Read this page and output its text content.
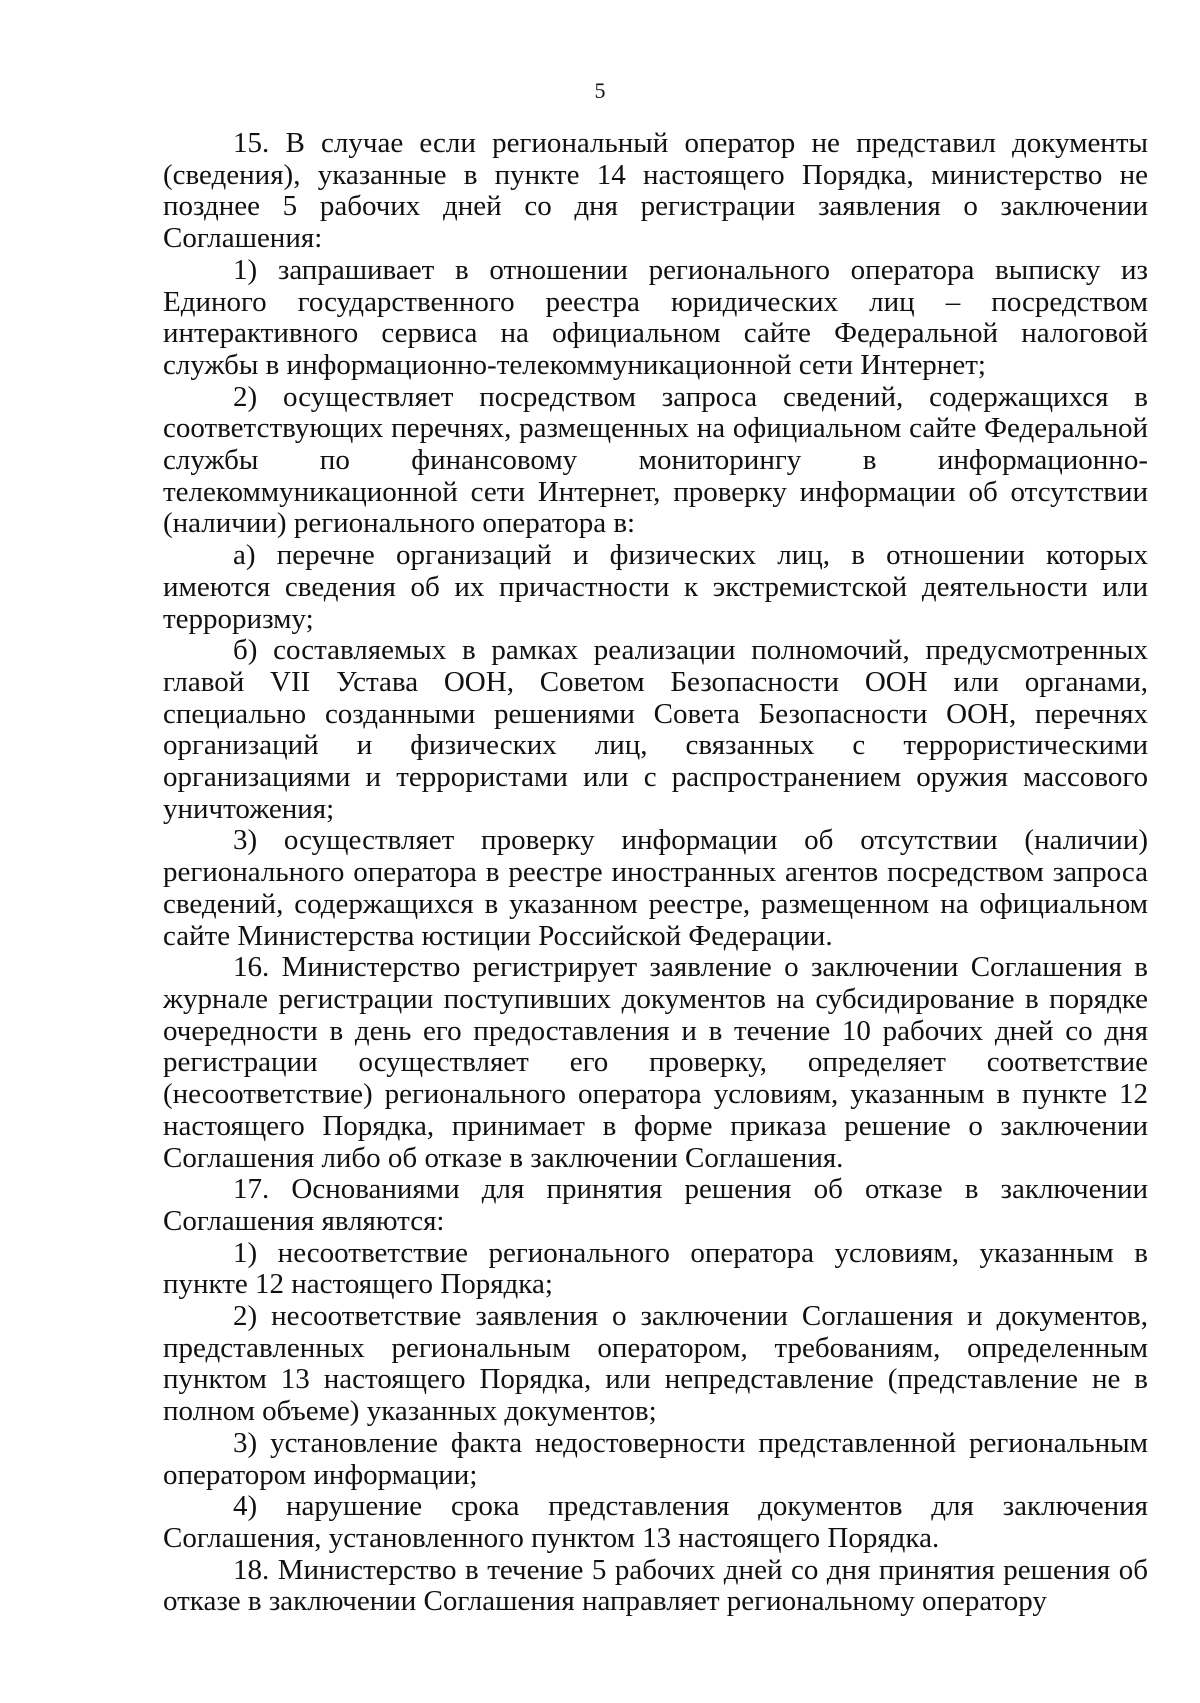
5

15. В случае если региональный оператор не представил документы (сведения), указанные в пункте 14 настоящего Порядка, министерство не позднее 5 рабочих дней со дня регистрации заявления о заключении Соглашения:

1) запрашивает в отношении регионального оператора выписку из Единого государственного реестра юридических лиц – посредством интерактивного сервиса на официальном сайте Федеральной налоговой службы в информационно-телекоммуникационной сети Интернет;

2) осуществляет посредством запроса сведений, содержащихся в соответствующих перечнях, размещенных на официальном сайте Федеральной службы по финансовому мониторингу в информационно-телекоммуникационной сети Интернет, проверку информации об отсутствии (наличии) регионального оператора в:

а) перечне организаций и физических лиц, в отношении которых имеются сведения об их причастности к экстремистской деятельности или терроризму;

б) составляемых в рамках реализации полномочий, предусмотренных главой VII Устава ООН, Советом Безопасности ООН или органами, специально созданными решениями Совета Безопасности ООН, перечнях организаций и физических лиц, связанных с террористическими организациями и террористами или с распространением оружия массового уничтожения;

3) осуществляет проверку информации об отсутствии (наличии) регионального оператора в реестре иностранных агентов посредством запроса сведений, содержащихся в указанном реестре, размещенном на официальном сайте Министерства юстиции Российской Федерации.

16. Министерство регистрирует заявление о заключении Соглашения в журнале регистрации поступивших документов на субсидирование в порядке очередности в день его предоставления и в течение 10 рабочих дней со дня регистрации осуществляет его проверку, определяет соответствие (несоответствие) регионального оператора условиям, указанным в пункте 12 настоящего Порядка, принимает в форме приказа решение о заключении Соглашения либо об отказе в заключении Соглашения.

17. Основаниями для принятия решения об отказе в заключении Соглашения являются:

1) несоответствие регионального оператора условиям, указанным в пункте 12 настоящего Порядка;

2) несоответствие заявления о заключении Соглашения и документов, представленных региональным оператором, требованиям, определенным пунктом 13 настоящего Порядка, или непредставление (представление не в полном объеме) указанных документов;

3) установление факта недостоверности представленной региональным оператором информации;

4) нарушение срока представления документов для заключения Соглашения, установленного пунктом 13 настоящего Порядка.

18. Министерство в течение 5 рабочих дней со дня принятия решения об отказе в заключении Соглашения направляет региональному оператору
